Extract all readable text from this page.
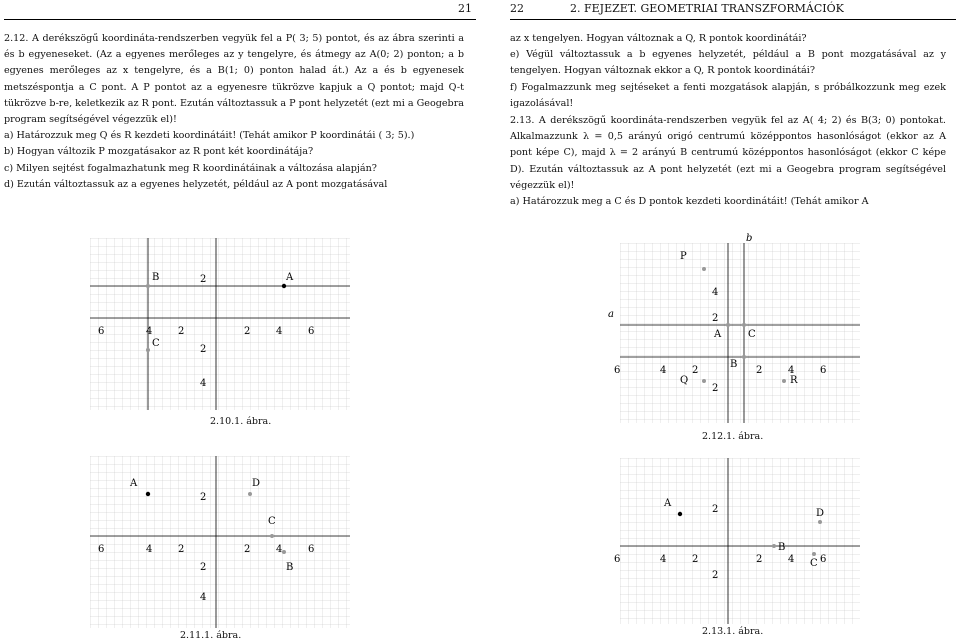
21

2.12. A derékszögű koordináta-rendszerben vegyük fel a P( 3; 5) pontot, és az ábra szerinti a és b egyeneseket. (Az a egyenes merőleges az y tengelyre, és átmegy az A(0; 2) ponton; a b egyenes merőleges az x tengelyre, és a B(1; 0) ponton halad át.) Az a és b egyenesek metszéspontja a C pont. A P pontot az a egyenesre tükrözve kapjuk a Q pontot; majd Q-t tükrözve b-re, keletkezik az R pont. Ezután változtassuk a P pont helyzetét (ezt mi a Geogebra program segítségével végezzük el)!

a) Határozzuk meg Q és R kezdeti koordinátáit! (Tehát amikor P koordinátái ( 3; 5).)

b) Hogyan változik P mozgatásakor az R pont két koordinátája?

c) Milyen sejtést fogalmazhatunk meg R koordinátáinak a változása alapján?

d) Ezután változtassuk az a egyenes helyzetét, például az A pont mozgatásával

6	4	2	2	4	6
2
2
4
A
B
C
2.10.1. ábra.
6	4	2	2	4	6
2
2
4
A	D
C
B
2.11.1. ábra.
22	2. FEJEZET. GEOMETRIAI TRANSZFORMÁCIÓK

az x tengelyen. Hogyan változnak a Q, R pontok koordinátái?

e) Végül változtassuk a b egyenes helyzetét, például a B pont mozgatásával az y tengelyen. Hogyan változnak ekkor a Q, R pontok koordinátái?

f) Fogalmazzunk meg sejtéseket a fenti mozgatások alapján, s próbálkozzunk meg ezek igazolásával!

2.13. A derékszögű koordináta-rendszerben vegyük fel az A( 4; 2) és B(3; 0) pontokat. Alkalmazzunk λ = 0,5 arányú origó centrumú középpontos hasonlóságot (ekkor az A pont képe C), majd λ = 2 arányú B centrumú középpontos hasonlóságot (ekkor C képe D). Ezután változtassuk az A pont helyzetét (ezt mi a Geogebra program segítségével végezzük el)!

a) Határozzuk meg a C és D pontok kezdeti koordinátáit! (Tehát amikor A

6	4	2	2	4	6
4
2
2
P
A	C
B
Q	R
a
b
2.12.1. ábra.
6	4	2	2	4	6
2
2
A
D
C
B
2.13.1. ábra.
